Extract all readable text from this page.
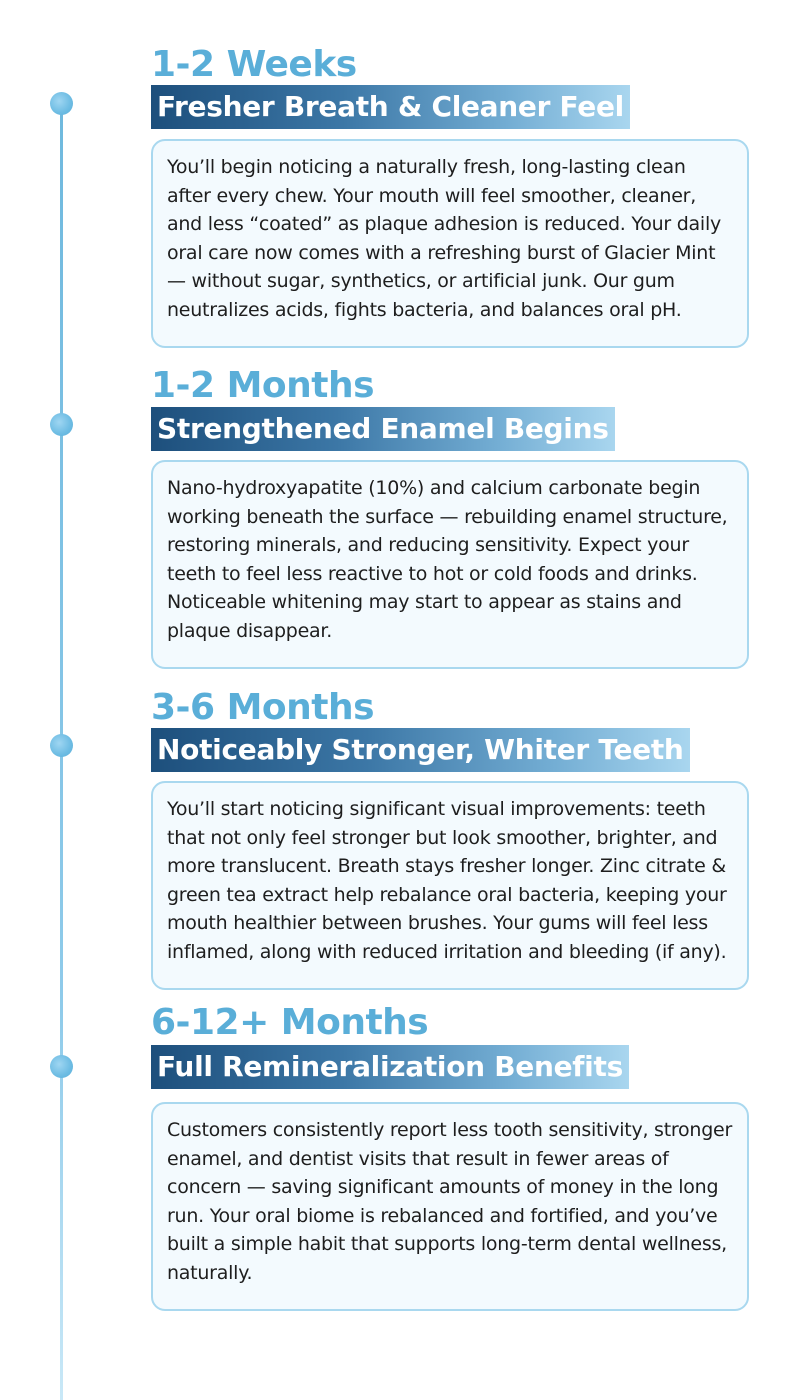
1-2 Weeks
Fresher Breath & Cleaner Feel

You’ll begin noticing a naturally fresh, long-lasting clean after every chew. Your mouth will feel smoother, cleaner, and less “coated” as plaque adhesion is reduced. Your daily oral care now comes with a refreshing burst of Glacier Mint — without sugar, synthetics, or artificial junk. Our gum neutralizes acids, fights bacteria, and balances oral pH.

1-2 Months
Strengthened Enamel Begins

Nano-hydroxyapatite (10%) and calcium carbonate begin working beneath the surface — rebuilding enamel structure, restoring minerals, and reducing sensitivity. Expect your teeth to feel less reactive to hot or cold foods and drinks. Noticeable whitening may start to appear as stains and plaque disappear.

3-6 Months
Noticeably Stronger, Whiter Teeth

You’ll start noticing significant visual improvements: teeth that not only feel stronger but look smoother, brighter, and more translucent. Breath stays fresher longer. Zinc citrate & green tea extract help rebalance oral bacteria, keeping your mouth healthier between brushes. Your gums will feel less inflamed, along with reduced irritation and bleeding (if any).

6-12+ Months
Full Remineralization Benefits

Customers consistently report less tooth sensitivity, stronger enamel, and dentist visits that result in fewer areas of concern — saving significant amounts of money in the long run. Your oral biome is rebalanced and fortified, and you’ve built a simple habit that supports long-term dental wellness, naturally.
